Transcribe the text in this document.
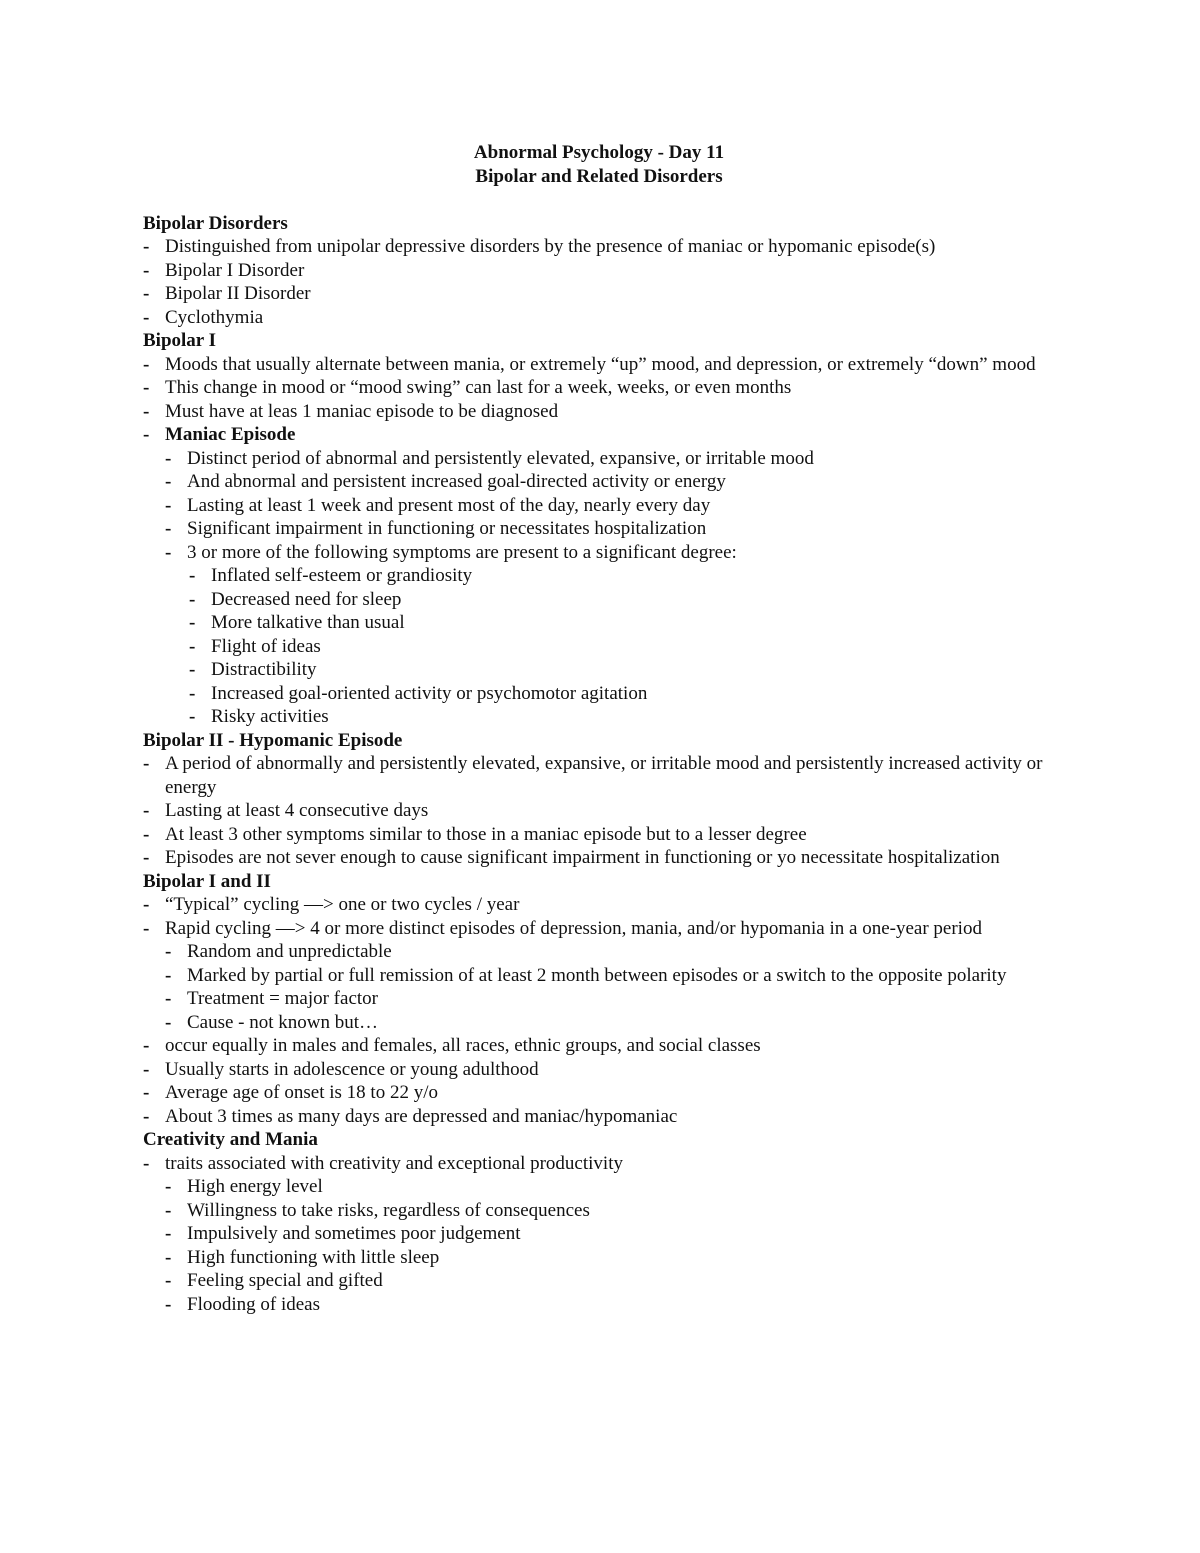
Abnormal Psychology - Day 11
Bipolar and Related Disorders
Bipolar Disorders
- Distinguished from unipolar depressive disorders by the presence of maniac or hypomanic episode(s)
- Bipolar I Disorder
- Bipolar II Disorder
- Cyclothymia
Bipolar I
- Moods that usually alternate between mania, or extremely “up” mood, and depression, or extremely “down” mood
- This change in mood or “mood swing” can last for a week, weeks, or even months
- Must have at leas 1 maniac episode to be diagnosed
- Maniac Episode
- Distinct period of abnormal and persistently elevated, expansive, or irritable mood
- And abnormal and persistent increased goal-directed activity or energy
- Lasting at least 1 week and present most of the day, nearly every day
- Significant impairment in functioning or necessitates hospitalization
- 3 or more of the following symptoms are present to a significant degree:
- Inflated self-esteem or grandiosity
- Decreased need for sleep
- More talkative than usual
- Flight of ideas
- Distractibility
- Increased goal-oriented activity or psychomotor agitation
- Risky activities
Bipolar II - Hypomanic Episode
- A period of abnormally and persistently elevated, expansive, or irritable mood and persistently increased activity or energy
- Lasting at least 4 consecutive days
- At least 3 other symptoms similar to those in a maniac episode but to a lesser degree
- Episodes are not sever enough to cause significant impairment in functioning or yo necessitate hospitalization
Bipolar I and II
- “Typical” cycling —> one or two cycles / year
- Rapid cycling —> 4 or more distinct episodes of depression, mania, and/or hypomania in a one-year period
- Random and unpredictable
- Marked by partial or full remission of at least 2 month between episodes or a switch to the opposite polarity
- Treatment = major factor
- Cause - not known but…
- occur equally in males and females, all races, ethnic groups, and social classes
- Usually starts in adolescence or young adulthood
- Average age of onset is 18 to 22 y/o
- About 3 times as many days are depressed and maniac/hypomaniac
Creativity and Mania
- traits associated with creativity and exceptional productivity
- High energy level
- Willingness to take risks, regardless of consequences
- Impulsively and sometimes poor judgement
- High functioning with little sleep
- Feeling special and gifted
- Flooding of ideas
